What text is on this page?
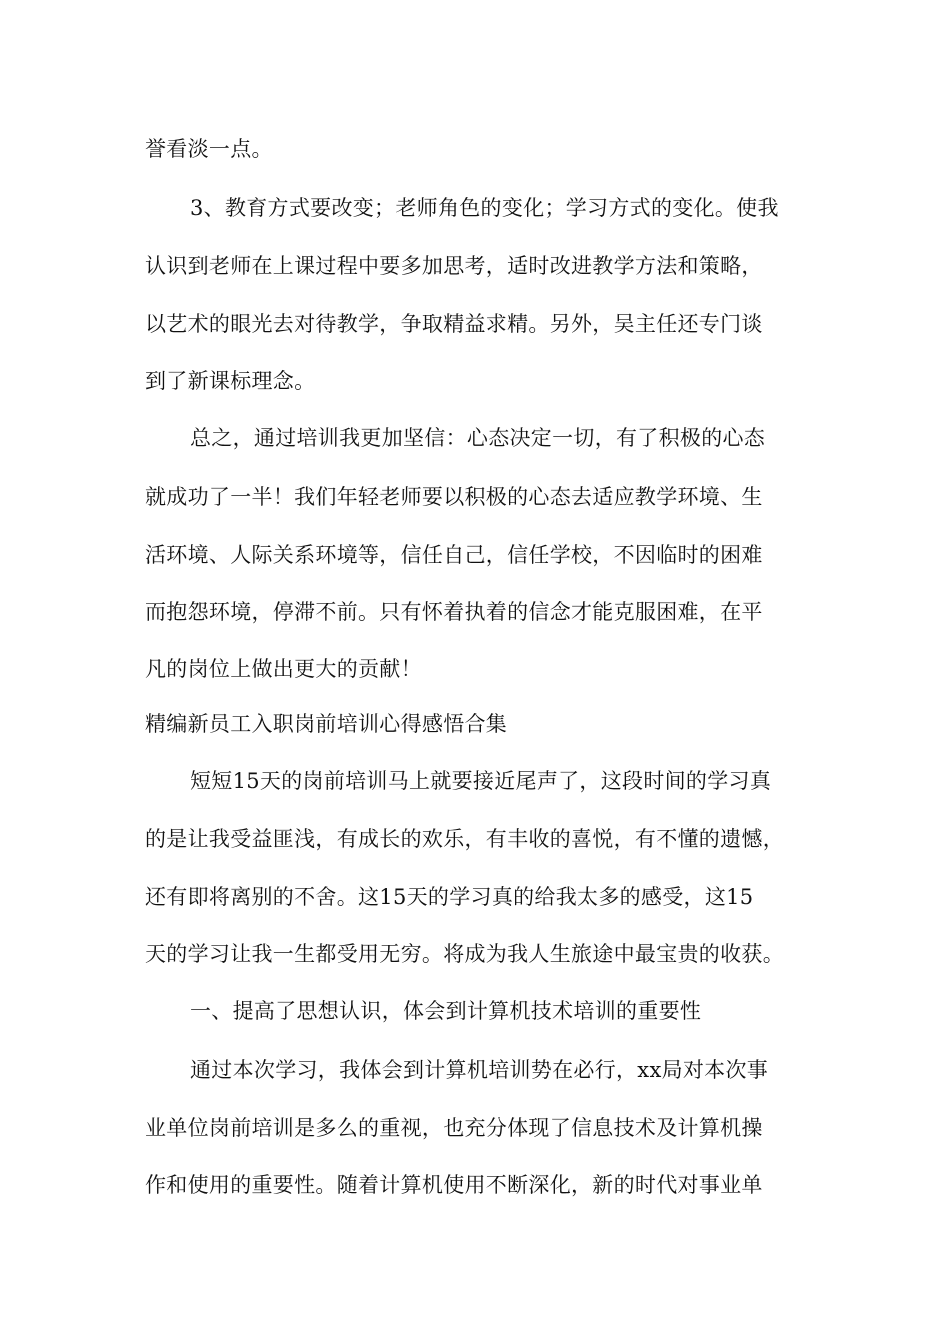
誉看淡一点。
3、教育方式要改变；老师角色的变化；学习方式的变化。使我
认识到老师在上课过程中要多加思考，适时改进教学方法和策略，
以艺术的眼光去对待教学，争取精益求精。另外，吴主任还专门谈
到了新课标理念。
总之，通过培训我更加坚信：心态决定一切，有了积极的心态
就成功了一半！我们年轻老师要以积极的心态去适应教学环境、生
活环境、人际关系环境等，信任自己，信任学校，不因临时的困难
而抱怨环境，停滞不前。只有怀着执着的信念才能克服困难，在平
凡的岗位上做出更大的贡献！
精编新员工入职岗前培训心得感悟合集
短短15天的岗前培训马上就要接近尾声了，这段时间的学习真
的是让我受益匪浅，有成长的欢乐，有丰收的喜悦，有不懂的遗憾，
还有即将离别的不舍。这15天的学习真的给我太多的感受，这15
天的学习让我一生都受用无穷。将成为我人生旅途中最宝贵的收获。
一、提高了思想认识，体会到计算机技术培训的重要性
通过本次学习，我体会到计算机培训势在必行，xx局对本次事
业单位岗前培训是多么的重视，也充分体现了信息技术及计算机操
作和使用的重要性。随着计算机使用不断深化，新的时代对事业单
